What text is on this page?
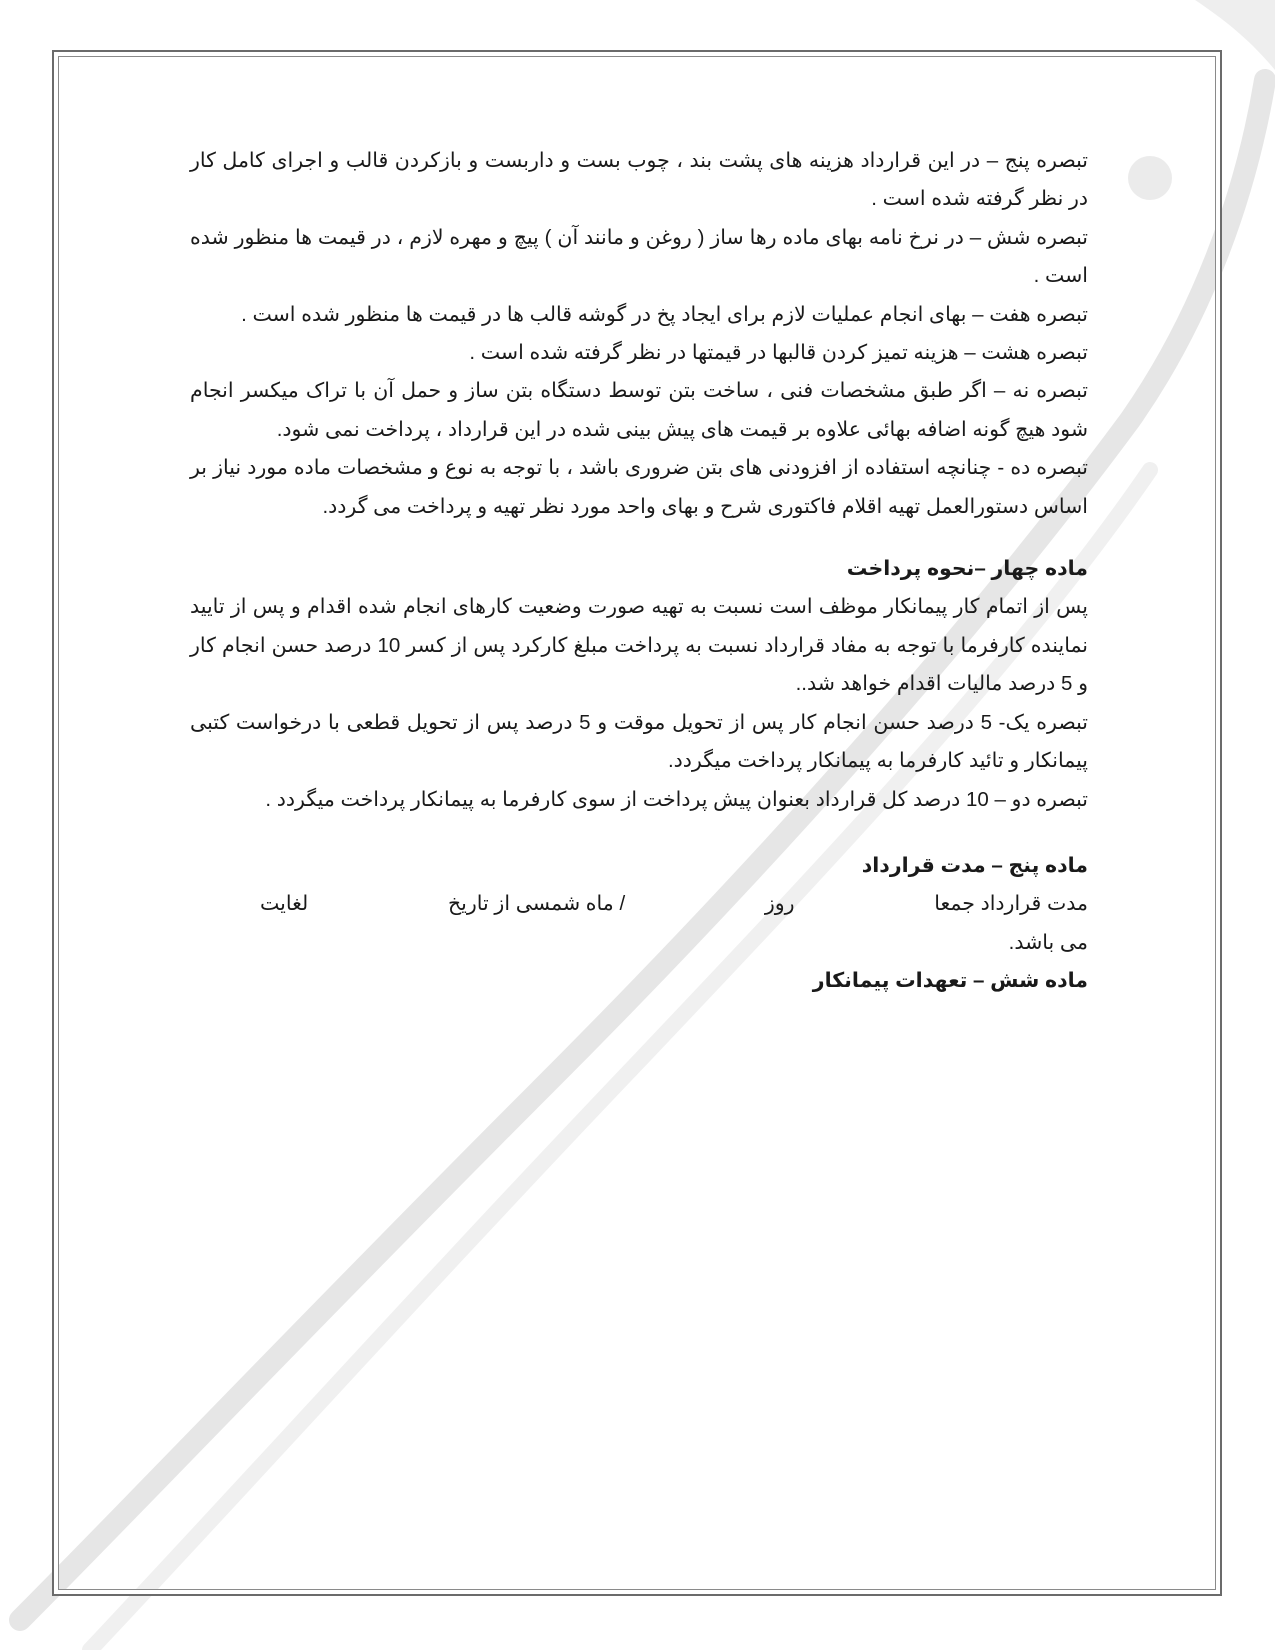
تبصره پنج – در این قرارداد هزینه های پشت بند ، چوب بست و داربست و بازکردن قالب و اجرای کامل کار در نظر گرفته شده است .

تبصره شش – در نرخ نامه بهای ماده رها ساز ( روغن و مانند آن ) پیچ و مهره لازم ، در قیمت ها منظور شده است .

تبصره هفت – بهای انجام عملیات لازم برای ایجاد پخ در گوشه قالب ها در قیمت ها منظور شده است .

تبصره هشت – هزینه تمیز کردن قالبها در قیمتها در نظر گرفته شده است .

تبصره نه – اگر طبق مشخصات فنی ، ساخت بتن توسط دستگاه بتن ساز و حمل آن با تراک میکسر انجام شود هیچ گونه اضافه بهائی علاوه بر قیمت های پیش بینی شده در این قرارداد ، پرداخت نمی شود.

تبصره ده - چنانچه استفاده از افزودنی های بتن ضروری باشد ، با توجه به نوع و مشخصات ماده مورد نیاز بر اساس دستورالعمل تهیه اقلام فاکتوری شرح و بهای واحد مورد نظر تهیه و پرداخت می گردد.

ماده چهار –نحوه پرداخت

پس از اتمام کار پیمانکار موظف است نسبت به تهیه صورت وضعیت کارهای انجام شده اقدام و پس از تایید نماینده کارفرما با توجه به مفاد قرارداد نسبت به پرداخت مبلغ کارکرد پس از کسر 10 درصد حسن انجام کار و 5 درصد مالیات اقدام خواهد شد..

تبصره یک- 5 درصد حسن انجام کار پس از تحویل موقت و 5 درصد پس از تحویل قطعی با درخواست کتبی پیمانکار و تائید کارفرما به پیمانکار پرداخت میگردد.

تبصره دو – 10 درصد کل قرارداد بعنوان پیش پرداخت از سوی کارفرما به پیمانکار پرداخت میگردد .

ماده پنج – مدت قرارداد

مدت قرارداد جمعا
روز
/ ماه شمسی از تاریخ
لغایت

می باشد.

ماده شش – تعهدات پیمانکار
